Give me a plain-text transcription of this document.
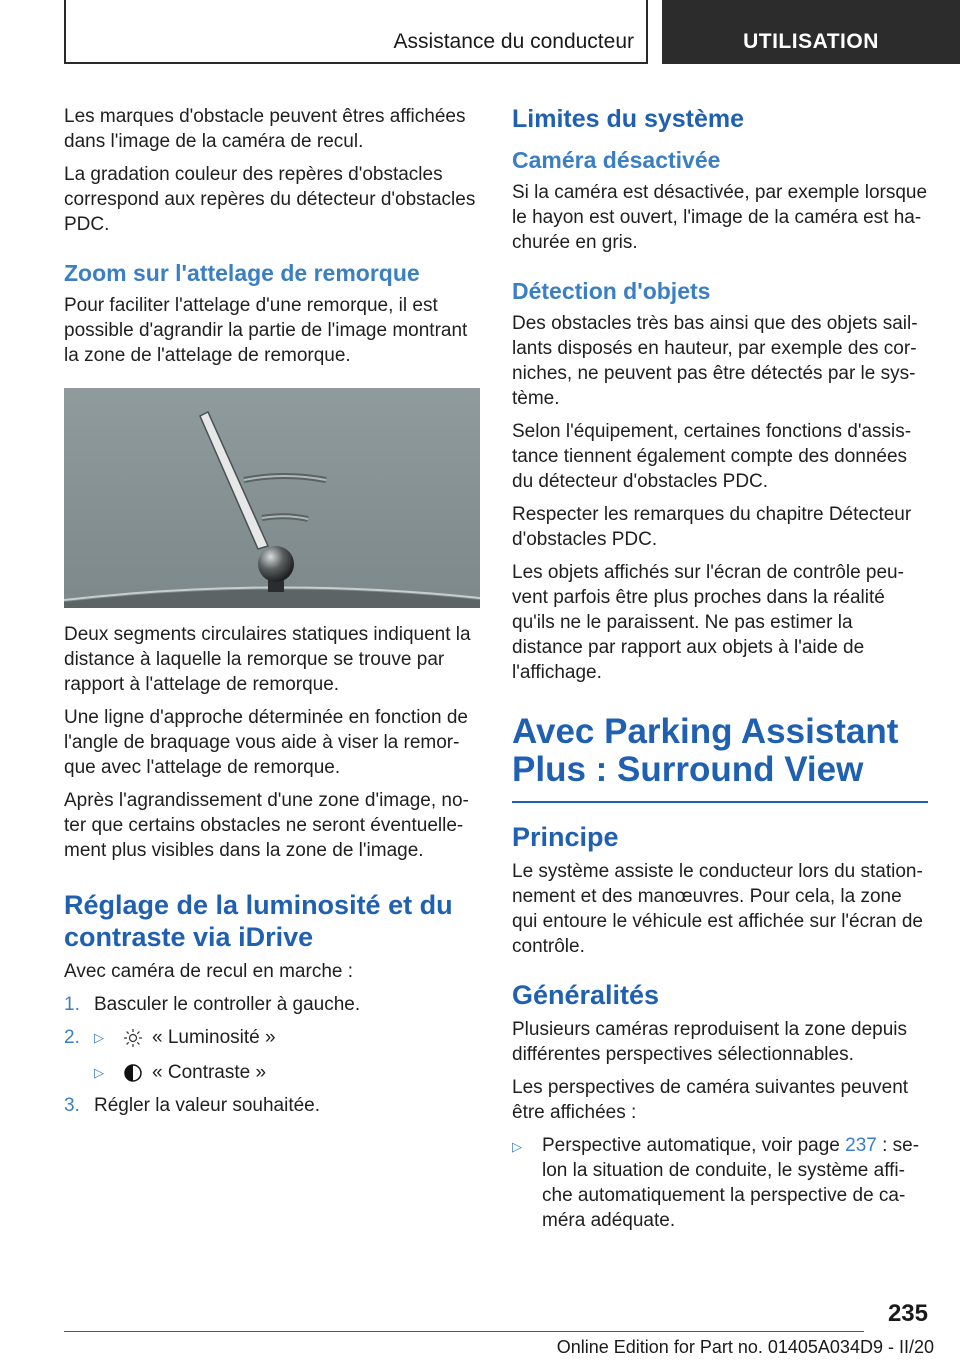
Assistance du conducteur	UTILISATION

Les marques d'obstacle peuvent êtres affichées dans l'image de la caméra de recul.

La gradation couleur des repères d'obstacles correspond aux repères du détecteur d'obstacles PDC.

Zoom sur l'attelage de remorque

Pour faciliter l'attelage d'une remorque, il est possible d'agrandir la partie de l'image montrant la zone de l'attelage de remorque.

Deux segments circulaires statiques indiquent la distance à laquelle la remorque se trouve par rapport à l'attelage de remorque.

Une ligne d'approche déterminée en fonction de l'angle de braquage vous aide à viser la remorque avec l'attelage de remorque.

Après l'agrandissement d'une zone d'image, noter que certains obstacles ne seront éventuellement plus visibles dans la zone de l'image.

Réglage de la luminosité et du contraste via iDrive

Avec caméra de recul en marche :

1. Basculer le controller à gauche.
2. ▷	« Luminosité »
▷	« Contraste »
3. Régler la valeur souhaitée.
Limites du système
Caméra désactivée

Si la caméra est désactivée, par exemple lorsque le hayon est ouvert, l'image de la caméra est hachurée en gris.

Détection d'objets

Des obstacles très bas ainsi que des objets saillants disposés en hauteur, par exemple des corniches, ne peuvent pas être détectés par le système.

Selon l'équipement, certaines fonctions d'assistance tiennent également compte des données du détecteur d'obstacles PDC.

Respecter les remarques du chapitre Détecteur d'obstacles PDC.

Les objets affichés sur l'écran de contrôle peuvent parfois être plus proches dans la réalité qu'ils ne le paraissent. Ne pas estimer la distance par rapport aux objets à l'aide de l'affichage.

Avec Parking Assistant Plus : Surround View
Principe

Le système assiste le conducteur lors du stationnement et des manœuvres. Pour cela, la zone qui entoure le véhicule est affichée sur l'écran de contrôle.

Généralités

Plusieurs caméras reproduisent la zone depuis différentes perspectives sélectionnables.

Les perspectives de caméra suivantes peuvent être affichées :

▷	Perspective automatique, voir page 237 : selon la situation de conduite, le système affiche automatiquement la perspective de caméra adéquate.
235
Online Edition for Part no. 01405A034D9 - II/20
